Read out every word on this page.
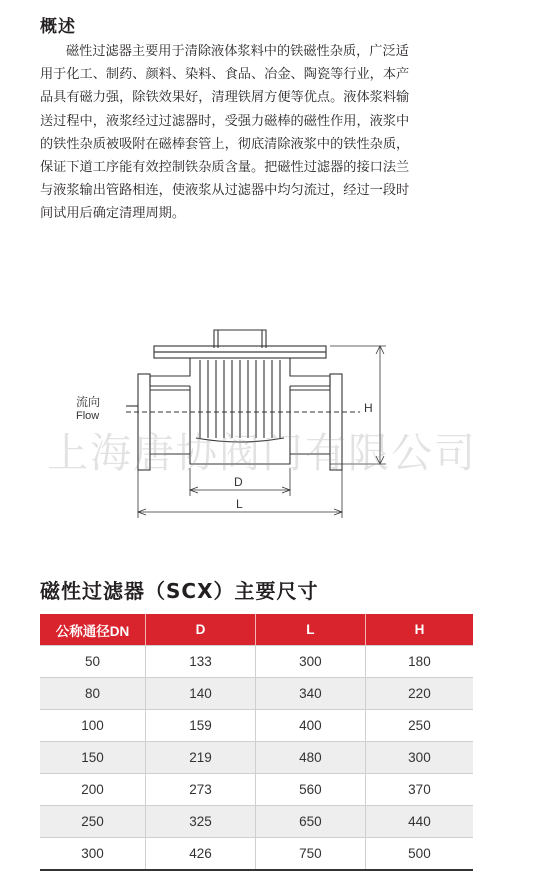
概述
磁性过滤器主要用于清除液体浆料中的铁磁性杂质，广泛适
用于化工、制药、颜料、染料、食品、冶金、陶瓷等行业，本产
品具有磁力强，除铁效果好，清理铁屑方便等优点。液体浆料输
送过程中，液浆经过过滤器时，受强力磁棒的磁性作用，液浆中
的铁性杂质被吸附在磁棒套管上，彻底清除液浆中的铁性杂质，
保证下道工序能有效控制铁杂质含量。把磁性过滤器的接口法兰
与液浆输出管路相连，使液浆从过滤器中均匀流过，经过一段时
间试用后确定清理周期。
流向
Flow
H
D
L
上海唐协阀门有限公司
磁性过滤器（SCX）主要尺寸
公称通径DN	D	L	H
50	133	300	180
80	140	340	220
100	159	400	250
150	219	480	300
200	273	560	370
250	325	650	440
300	426	750	500
